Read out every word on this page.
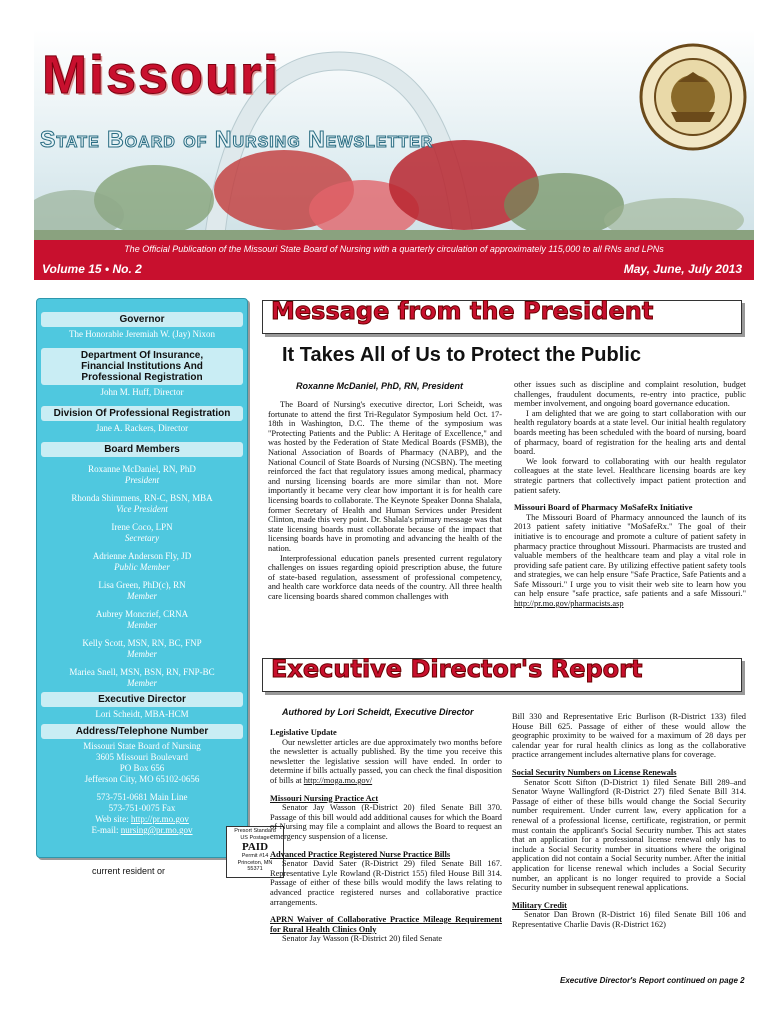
Missouri
State Board of Nursing Newsletter
The Official Publication of the Missouri State Board of Nursing with a quarterly circulation of approximately 115,000 to all RNs and LPNs
Volume 15 • No. 2	May, June, July 2013
Governor
The Honorable Jeremiah W. (Jay) Nixon
Department Of Insurance,
Financial Institutions And
Professional Registration
John M. Huff, Director
Division Of Professional Registration
Jane A. Rackers, Director
Board Members
Roxanne McDaniel, RN, PhD
President
Rhonda Shimmens, RN-C, BSN, MBA
Vice President
Irene Coco, LPN
Secretary
Adrienne Anderson Fly, JD
Public Member
Lisa Green, PhD(c), RN
Member
Aubrey Moncrief, CRNA
Member
Kelly Scott, MSN, RN, BC, FNP
Member
Mariea Snell, MSN, BSN, RN, FNP-BC
Member
Executive Director
Lori Scheidt, MBA-HCM
Address/Telephone Number
Missouri State Board of Nursing
3605 Missouri Boulevard
PO Box 656
Jefferson City, MO 65102-0656
573-751-0681 Main Line
573-751-0075 Fax
Web site: http://pr.mo.gov
E-mail: nursing@pr.mo.gov	Presort Standard
US Postage
PAID
Permit #14
Princeton, MN
55371
current resident or
Message from the President
It Takes All of Us to Protect the Public
Roxanne McDaniel, PhD, RN, President

The Board of Nursing's executive director, Lori Scheidt, was fortunate to attend the first Tri-Regulator Symposium held Oct. 17-18th in Washington, D.C. The theme of the symposium was "Protecting Patients and the Public: A Heritage of Excellence," and was hosted by the Federation of State Medical Boards (FSMB), the National Association of Boards of Pharmacy (NABP), and the National Council of State Boards of Nursing (NCSBN). The meeting reinforced the fact that regulatory issues among medical, pharmacy and nursing licensing boards are more similar than not. More importantly it became very clear how important it is for health care licensing boards to collaborate. The Keynote Speaker Donna Shalala, former Secretary of Health and Human Services under President Clinton, made this very point. Dr. Shalala's primary message was that state licensing boards must collaborate because of the impact that licensing boards have in promoting and advancing the health of the nation.

Interprofessional education panels presented current regulatory challenges on issues regarding opioid prescription abuse, the future of state-based regulation, assessment of professional competency, and health care workforce data needs of the country. All three health care licensing boards shared common challenges with

other issues such as discipline and complaint resolution, budget challenges, fraudulent documents, re-entry into practice, public member involvement, and ongoing board governance education.

I am delighted that we are going to start collaboration with our health regulatory boards at a state level. Our initial health regulatory boards meeting has been scheduled with the board of nursing, board of pharmacy, board of registration for the healing arts and dental board.

We look forward to collaborating with our health regulator colleagues at the state level. Healthcare licensing boards are key strategic partners that collectively impact patient protection and patient safety.

Missouri Board of Pharmacy MoSafeRx Initiative

The Missouri Board of Pharmacy announced the launch of its 2013 patient safety initiative "MoSafeRx." The goal of their initiative is to encourage and promote a culture of patient safety in pharmacy practice throughout Missouri. Pharmacists are trusted and valuable members of the healthcare team and play a vital role in providing safe patient care. By utilizing effective patient safety tools and strategies, we can help ensure "Safe Practice, Safe Patients and a Safe Missouri." I urge you to visit their web site to learn how you can help ensure "safe practice, safe patients and a safe Missouri." http://pr.mo.gov/pharmacists.asp

Executive Director's Report
Authored by Lori Scheidt, Executive Director

Legislative Update

Our newsletter articles are due approximately two months before the newsletter is actually published. By the time you receive this newsletter the legislative session will have ended. In order to determine if bills actually passed, you can check the final disposition of bills at http://moga.mo.gov/

Missouri Nursing Practice Act

Senator Jay Wasson (R-District 20) filed Senate Bill 370. Passage of this bill would add additional causes for which the Board of Nursing may file a complaint and allows the Board to request an emergency suspension of a license.

Advanced Practice Registered Nurse Practice Bills

Senator David Sater (R-District 29) filed Senate Bill 167. Representative Lyle Rowland (R-District 155) filed House Bill 314. Passage of either of these bills would modify the laws relating to advanced practice registered nurses and collaborative practice arrangements.

APRN Waiver of Collaborative Practice Mileage Requirement for Rural Health Clinics Only

Senator Jay Wasson (R-District 20) filed Senate

Bill 330 and Representative Eric Burlison (R-District 133) filed House Bill 625. Passage of either of these would allow the geographic proximity to be waived for a maximum of 28 days per calendar year for rural health clinics as long as the collaborative practice arrangement includes alternative plans for coverage.

Social Security Numbers on License Renewals

Senator Scott Sifton (D-District 1) filed Senate Bill 289–and Senator Wayne Wallingford (R-District 27) filed Senate Bill 314. Passage of either of these bills would change the Social Security number requirement. Under current law, every application for a renewal of a professional license, certificate, registration, or permit must contain the applicant's Social Security number. This act states that an application for a professional license renewal only has to include a Social Security number in situations where the original application did not contain a Social Security number. After the initial application for license renewal which includes a Social Security number, an applicant is no longer required to provide a Social Security number in subsequent renewal applications.

Military Credit

Senator Dan Brown (R-District 16) filed Senate Bill 106 and Representative Charlie Davis (R-District 162)

Executive Director's Report continued on page 2
